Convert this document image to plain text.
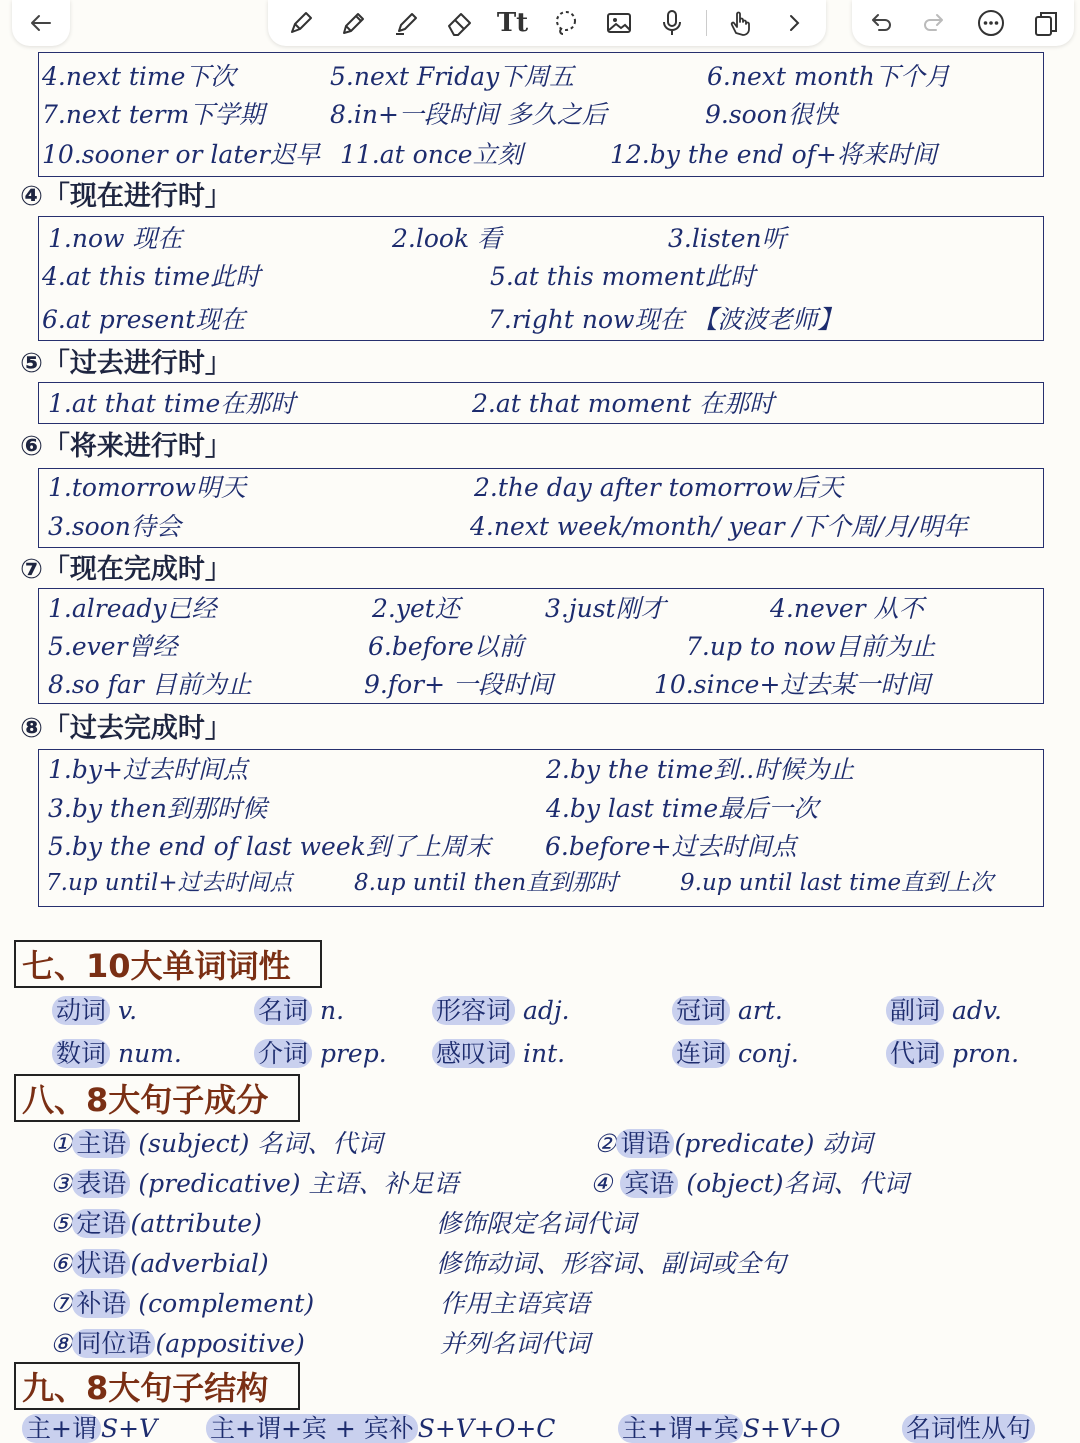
Tt
4.next time下次	5.next Friday下周五	6.next month下个月
7.next term下学期	8.in+一段时间 多久之后	9.soon很快
10.sooner or later迟早 11.at once立刻	12.by the end of+将来时间
④「现在进行时」
1.now 现在	2.look 看	3.listen听
4.at this time此时	5.at this moment此时
6.at present现在	7.right now现在 【波波老师】
⑤「过去进行时」
1.at that time在那时	2.at that moment 在那时
⑥「将来进行时」
1.tomorrow明天	2.the day after tomorrow后天
3.soon待会	4.next week/month/ year /下个周/月/明年
⑦「现在完成时」
1.already已经	2.yet还	3.just刚才	4.never 从不
5.ever曾经	6.before以前	7.up to now目前为止
8.so far 目前为止	9.for+ 一段时间	10.since+过去某一时间
⑧「过去完成时」
1.by+过去时间点	2.by the time到..时候为止
3.by then到那时候	4.by last time最后一次
5.by the end of last week到了上周末 6.before+过去时间点
7.up until+过去时间点	8.up until then直到那时	9.up until last time直到上次
七、10大单词词性
动词 v.	名词 n.	形容词 adj.	冠词 art.	副词 adv.
数词 num.	介词 prep. 感叹词 int.	连词 conj.	代词 pron.
八、8大句子成分
① 主语 (subject) 名词、代词	② 谓语 (predicate) 动词
③ 表语 (predicative) 主语、补足语	④ 宾语 (object)名词、代词
⑤ 定语 (attribute)	修饰限定名词代词
⑥ 状语 (adverbial)	修饰动词、形容词、副词或全句
⑦ 补语 (complement)	作用主语宾语
⑧ 同位语 (appositive)	并列名词代词
九、8大句子结构
主+谓 S+V 主+谓+宾 + 宾补 S+V+O+C	主+谓+宾 S+V+O	名词性从句
